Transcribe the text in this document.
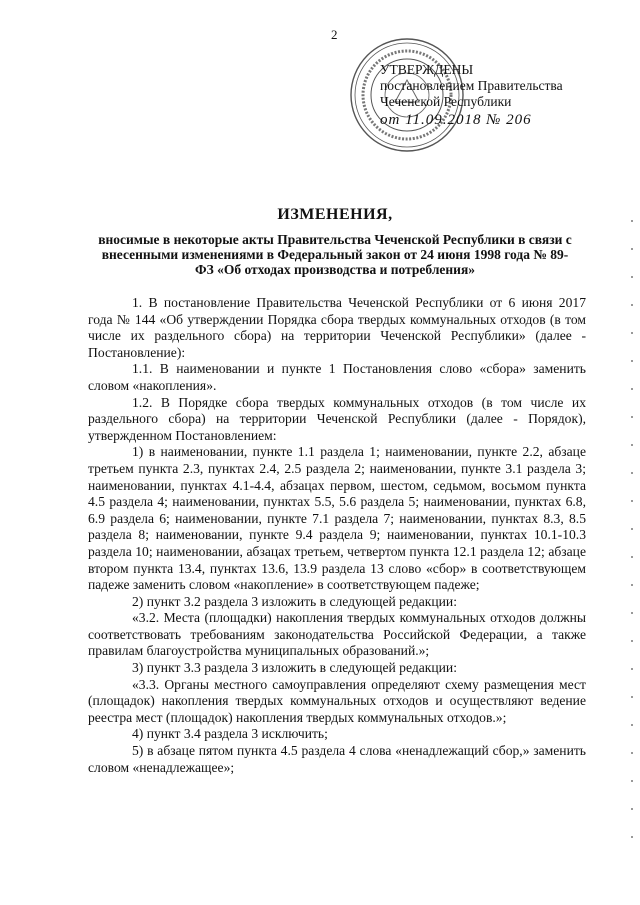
2
УТВЕРЖДЕНЫ
постановлением Правительства
Чеченской Республики
от 11.09.2018 № 206
ИЗМЕНЕНИЯ,
вносимые в некоторые акты Правительства Чеченской Республики в связи с внесенными изменениями в Федеральный закон от 24 июня 1998 года № 89-ФЗ «Об отходах производства и потребления»

1. В постановление Правительства Чеченской Республики от 6 июня 2017 года № 144 «Об утверждении Порядка сбора твердых коммунальных отходов (в том числе их раздельного сбора) на территории Чеченской Республики» (далее - Постановление):

1.1. В наименовании и пункте 1 Постановления слово «сбора» заменить словом «накопления».

1.2. В Порядке сбора твердых коммунальных отходов (в том числе их раздельного сбора) на территории Чеченской Республики (далее - Порядок), утвержденном Постановлением:

1) в наименовании, пункте 1.1 раздела 1; наименовании, пункте 2.2, абзаце третьем пункта 2.3, пунктах 2.4, 2.5 раздела 2; наименовании, пункте 3.1 раздела 3; наименовании, пунктах 4.1-4.4, абзацах первом, шестом, седьмом, восьмом пункта 4.5 раздела 4; наименовании, пунктах 5.5, 5.6 раздела 5; наименовании, пунктах 6.8, 6.9 раздела 6; наименовании, пункте 7.1 раздела 7; наименовании, пунктах 8.3, 8.5 раздела 8; наименовании, пункте 9.4 раздела 9; наименовании, пунктах 10.1-10.3 раздела 10; наименовании, абзацах третьем, четвертом пункта 12.1 раздела 12; абзаце втором пункта 13.4, пунктах 13.6, 13.9 раздела 13 слово «сбор» в соответствующем падеже заменить словом «накопление» в соответствующем падеже;

2) пункт 3.2 раздела 3 изложить в следующей редакции:

«3.2. Места (площадки) накопления твердых коммунальных отходов должны соответствовать требованиям законодательства Российской Федерации, а также правилам благоустройства муниципальных образований.»;

3) пункт 3.3 раздела 3 изложить в следующей редакции:

«3.3. Органы местного самоуправления определяют схему размещения мест (площадок) накопления твердых коммунальных отходов и осуществляют ведение реестра мест (площадок) накопления твердых коммунальных отходов.»;

4) пункт 3.4 раздела 3 исключить;

5) в абзаце пятом пункта 4.5 раздела 4 слова «ненадлежащий сбор,» заменить словом «ненадлежащее»;
